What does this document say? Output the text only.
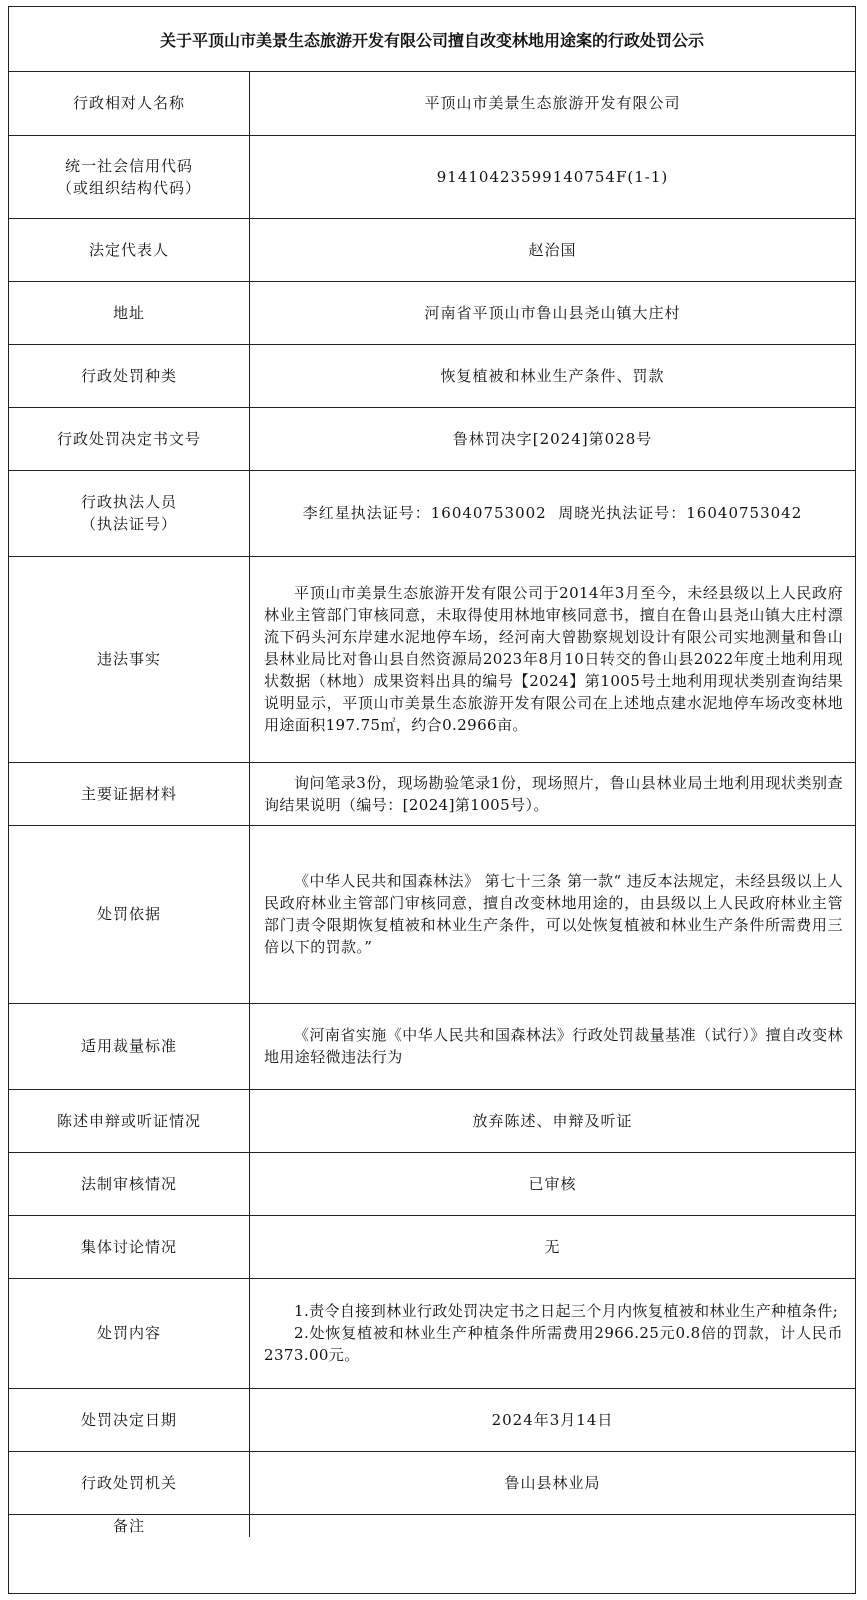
关于平顶山市美景生态旅游开发有限公司擅自改变林地用途案的行政处罚公示
行政相对人名称	平顶山市美景生态旅游开发有限公司

统一社会信用代码
（或组织结构代码）	91410423599140754F(1-1)
法定代表人	赵治国
地址	河南省平顶山市鲁山县尧山镇大庄村
行政处罚种类	恢复植被和林业生产条件、罚款
行政处罚决定书文号	鲁林罚决字[2024]第028号

行政执法人员
（执法证号）	李红星执法证号：16040753002  周晓光执法证号：16040753042
违法事实	平顶山市美景生态旅游开发有限公司于2014年3月至今，未经县级以上人民政府林业主管部门审核同意，未取得使用林地审核同意书，擅自在鲁山县尧山镇大庄村漂流下码头河东岸建水泥地停车场，经河南大曾勘察规划设计有限公司实地测量和鲁山县林业局比对鲁山县自然资源局2023年8月10日转交的鲁山县2022年度土地利用现状数据（林地）成果资料出具的编号【2024】第1005号土地利用现状类别查询结果说明显示，平顶山市美景生态旅游开发有限公司在上述地点建水泥地停车场改变林地用途面积197.75㎡，约合0.2966亩。

主要证据材料	询问笔录3份，现场勘验笔录1份，现场照片，鲁山县林业局土地利用现状类别查询结果说明（编号：[2024]第1005号）。

处罚依据	《中华人民共和国森林法》 第七十三条 第一款“ 违反本法规定，未经县级以上人民政府林业主管部门审核同意，擅自改变林地用途的，由县级以上人民政府林业主管部门责令限期恢复植被和林业生产条件，可以处恢复植被和林业生产条件所需费用三倍以下的罚款。”

适用裁量标准	《河南省实施《中华人民共和国森林法》行政处罚裁量基准（试行）》擅自改变林地用途轻微违法行为

陈述申辩或听证情况	放弃陈述、申辩及听证
法制审核情况	已审核
集体讨论情况	无
处罚内容	1.责令自接到林业行政处罚决定书之日起三个月内恢复植被和林业生产种植条件;

2.处恢复植被和林业生产种植条件所需费用2966.25元0.8倍的罚款，计人民币2373.00元。

处罚决定日期	2024年3月14日
行政处罚机关	鲁山县林业局
备注	
